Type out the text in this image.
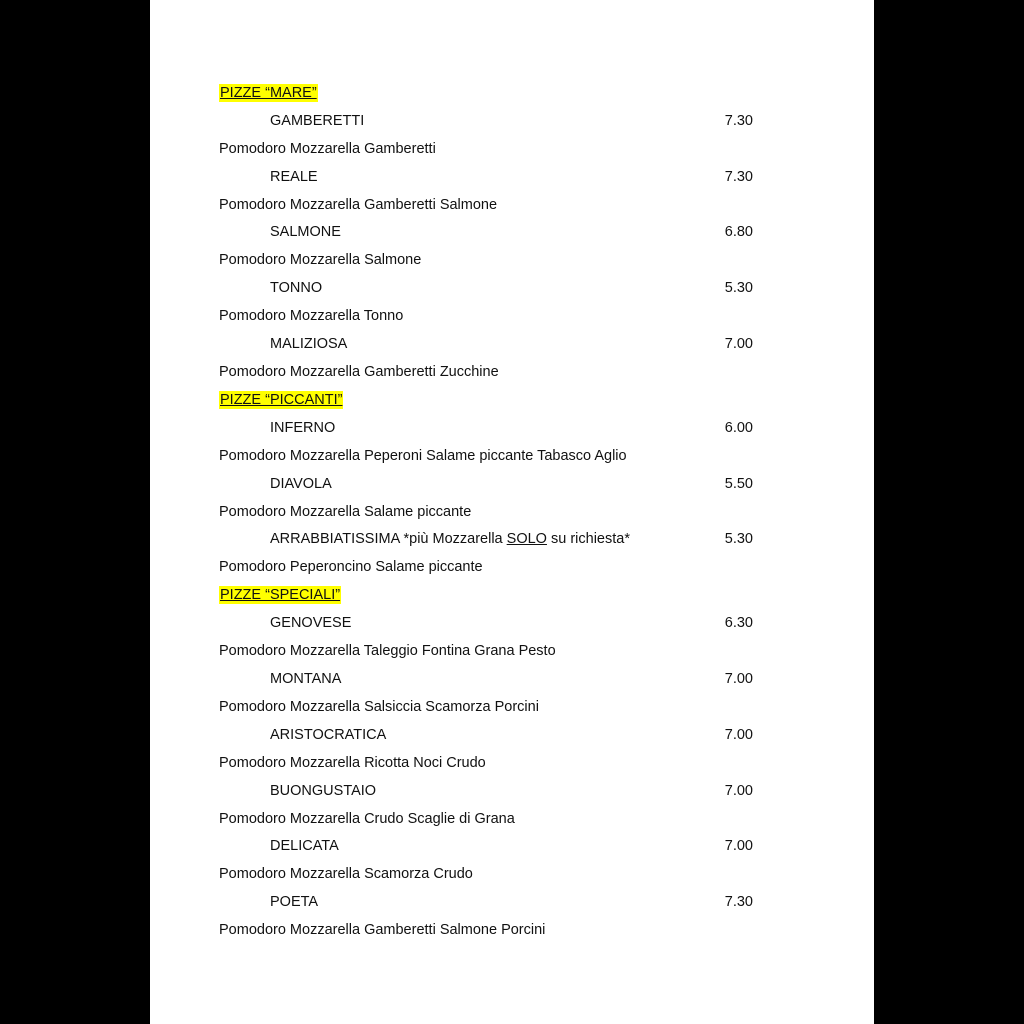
PIZZE “MARE”
GAMBERETTI	7.30
Pomodoro Mozzarella Gamberetti
REALE	7.30
Pomodoro Mozzarella Gamberetti Salmone
SALMONE	6.80
Pomodoro Mozzarella Salmone
TONNO	5.30
Pomodoro Mozzarella Tonno
MALIZIOSA	7.00
Pomodoro Mozzarella Gamberetti Zucchine
PIZZE “PICCANTI”
INFERNO	6.00
Pomodoro Mozzarella Peperoni Salame piccante Tabasco Aglio
DIAVOLA	5.50
Pomodoro Mozzarella Salame piccante
ARRABBIATISSIMA *più Mozzarella SOLO su richiesta*	5.30
Pomodoro Peperoncino Salame piccante
PIZZE “SPECIALI”
GENOVESE	6.30
Pomodoro Mozzarella Taleggio Fontina Grana Pesto
MONTANA	7.00
Pomodoro Mozzarella Salsiccia Scamorza Porcini
ARISTOCRATICA	7.00
Pomodoro Mozzarella Ricotta Noci Crudo
BUONGUSTAIO	7.00
Pomodoro Mozzarella Crudo Scaglie di Grana
DELICATA	7.00
Pomodoro Mozzarella Scamorza Crudo
POETA	7.30
Pomodoro Mozzarella Gamberetti Salmone Porcini
